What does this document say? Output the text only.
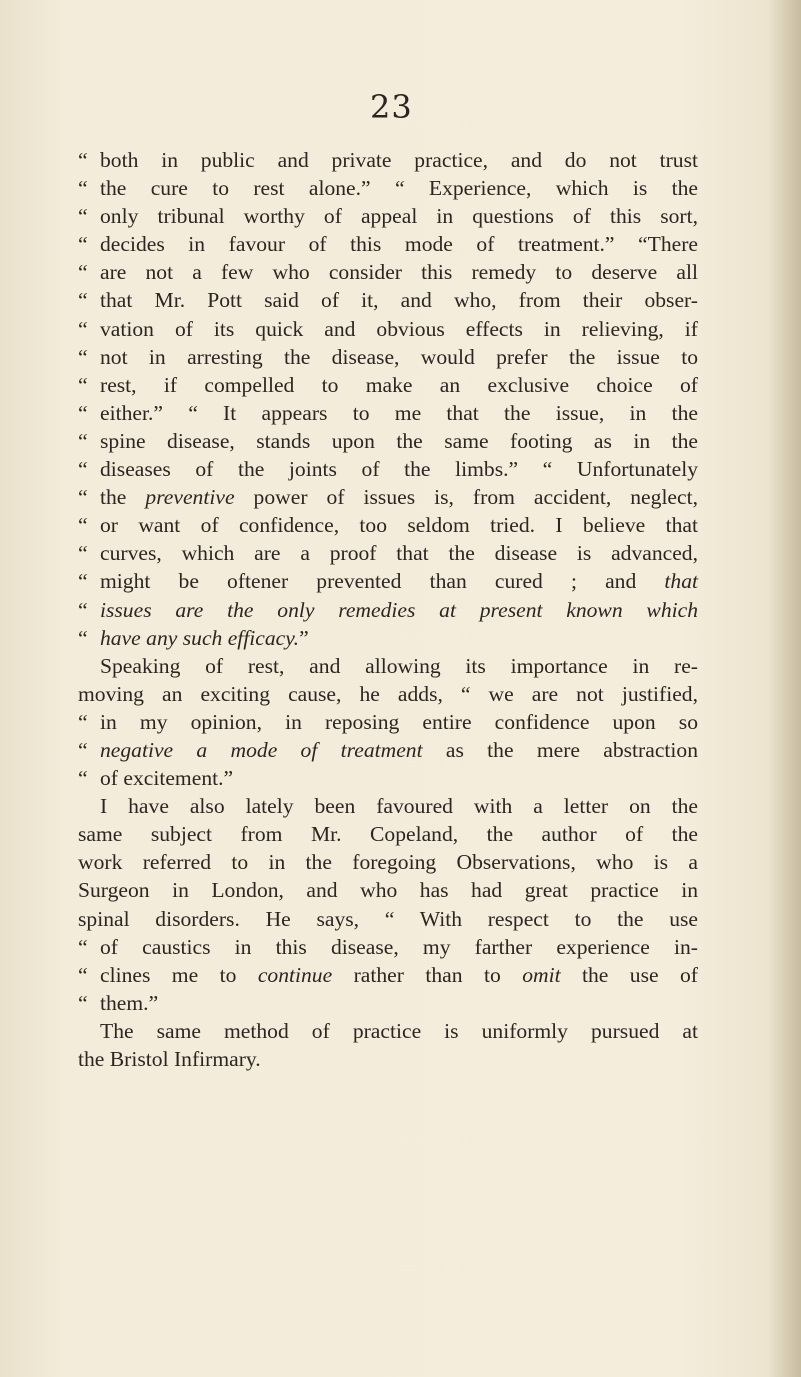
23
“ both in public and private practice, and do not trust
“ the cure to rest alone.” “ Experience, which is the
“ only tribunal worthy of appeal in questions of this sort,
“ decides in favour of this mode of treatment.” “There
“ are not a few who consider this remedy to deserve all
“ that Mr. Pott said of it, and who, from their obser-
“ vation of its quick and obvious effects in relieving, if
“ not in arresting the disease, would prefer the issue to
“ rest, if compelled to make an exclusive choice of
“ either.” “ It appears to me that the issue, in the
“ spine disease, stands upon the same footing as in the
“ diseases of the joints of the limbs.” “ Unfortunately
“ the preventive power of issues is, from accident, neglect,
“ or want of confidence, too seldom tried. I believe that
“ curves, which are a proof that the disease is advanced,
“ might be oftener prevented than cured ; and that
“ issues are the only remedies at present known which
“ have any such efficacy.”
Speaking of rest, and allowing its importance in re-
moving an exciting cause, he adds, “ we are not justified,
“ in my opinion, in reposing entire confidence upon so
“ negative a mode of treatment as the mere abstraction
“ of excitement.”
I have also lately been favoured with a letter on the
same subject from Mr. Copeland, the author of the
work referred to in the foregoing Observations, who is a
Surgeon in London, and who has had great practice in
spinal disorders. He says, “ With respect to the use
“ of caustics in this disease, my farther experience in-
“ clines me to continue rather than to omit the use of
“ them.”
The same method of practice is uniformly pursued at
the Bristol Infirmary.
